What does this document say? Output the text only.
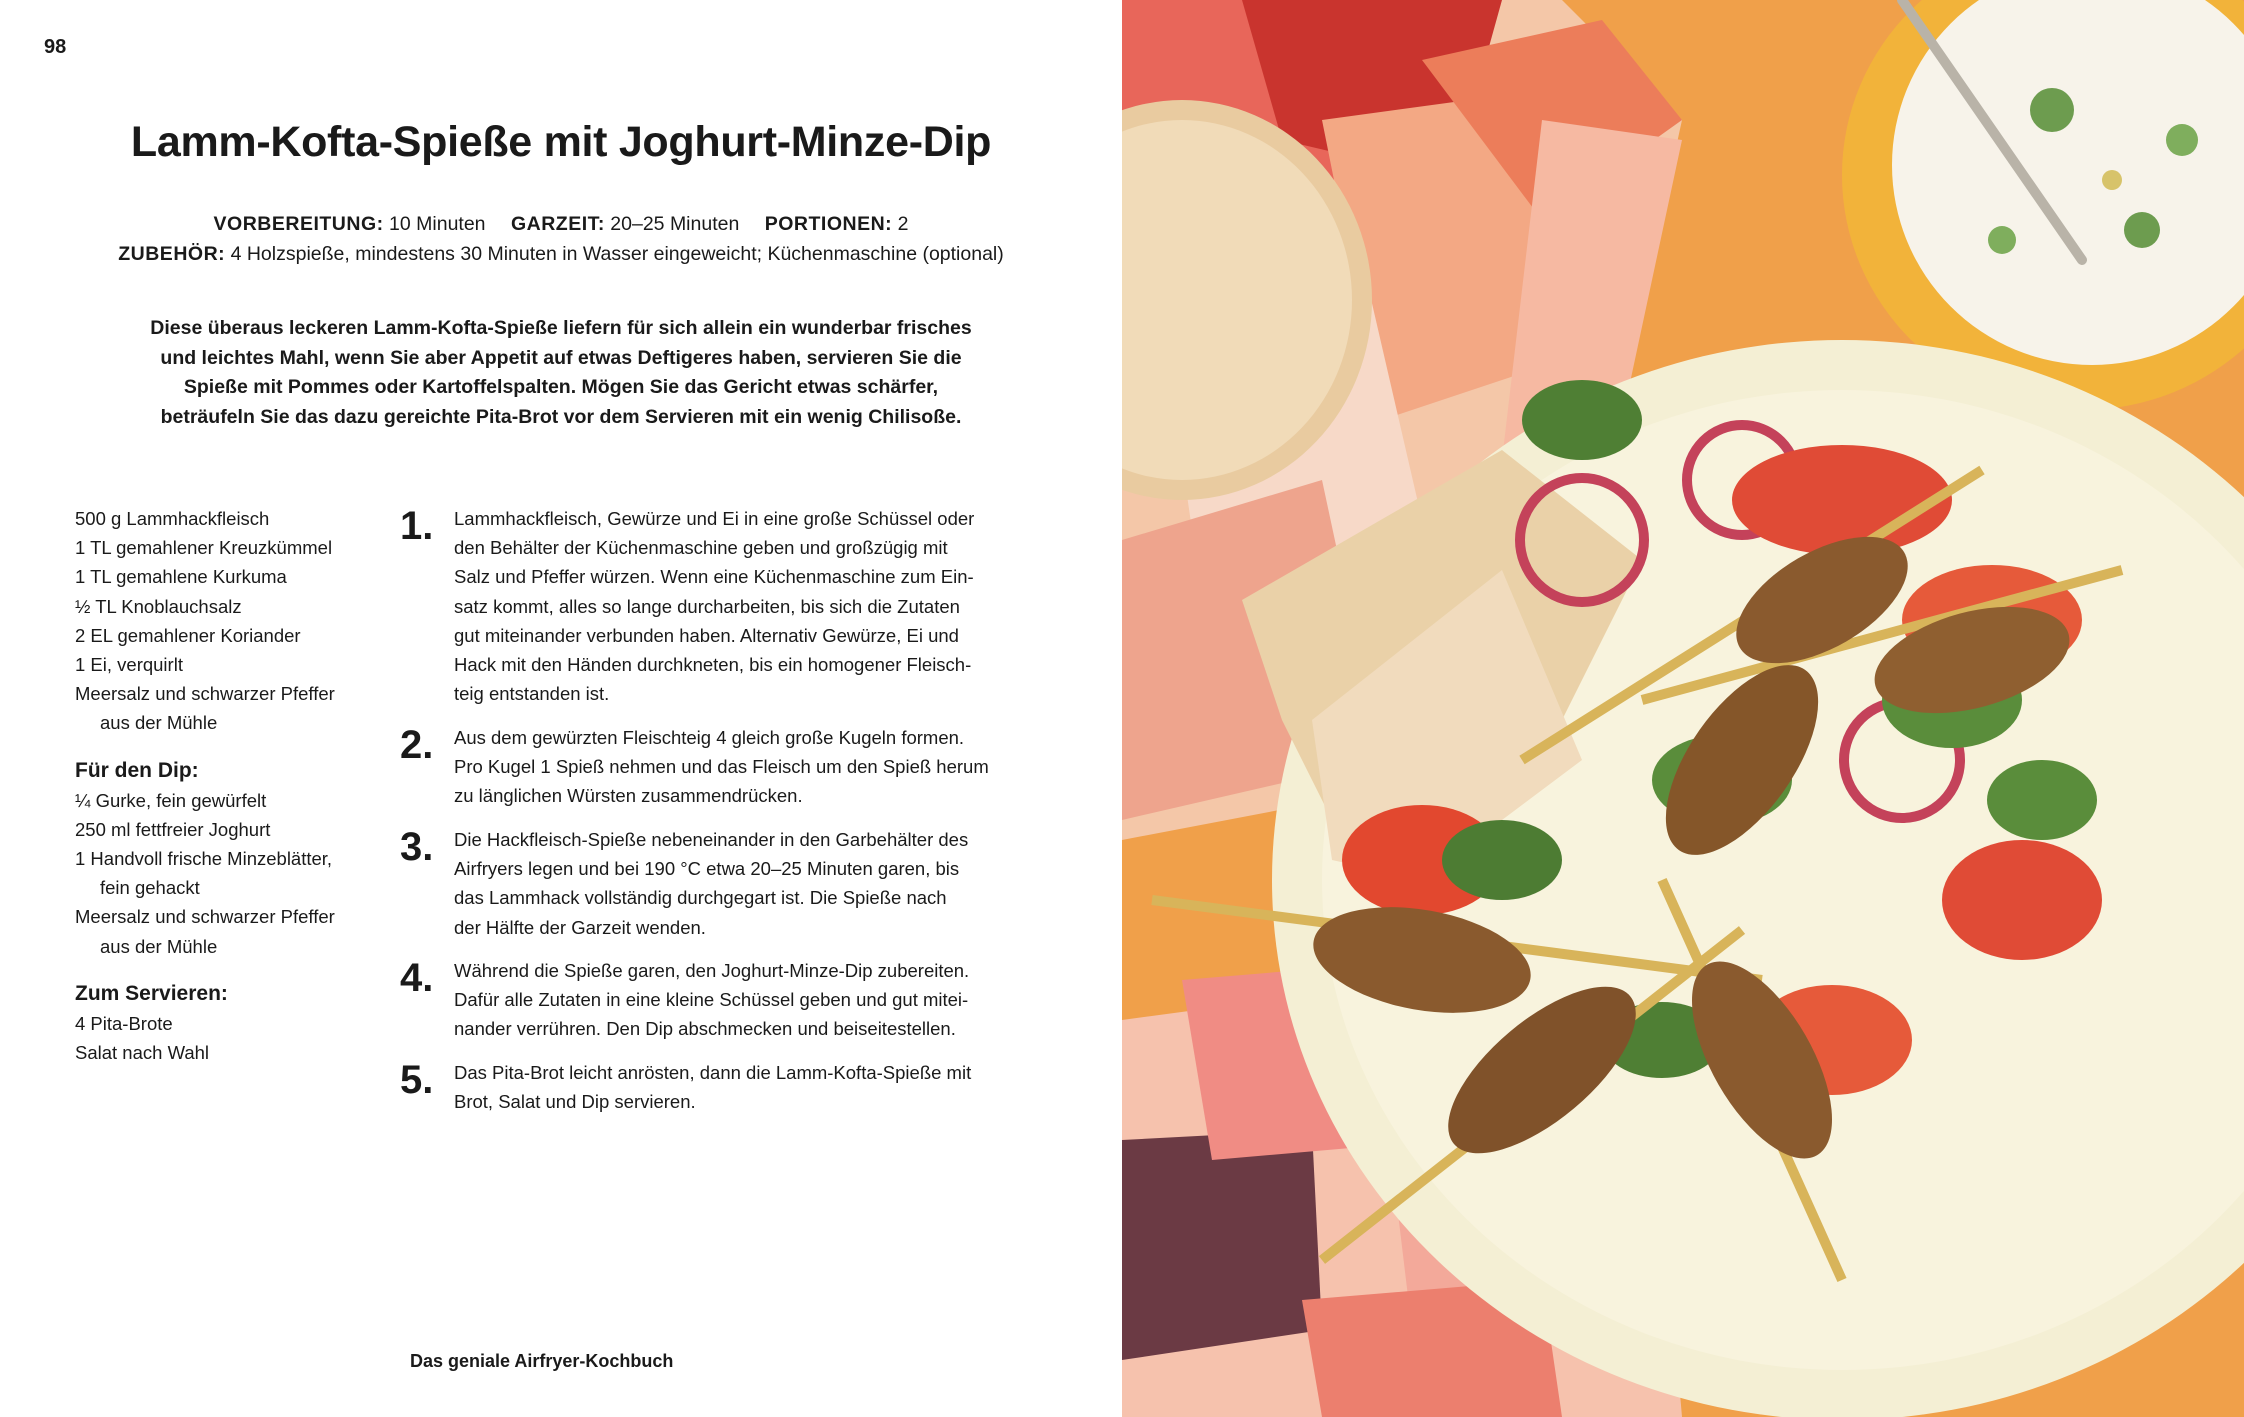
98
Lamm-Kofta-Spieße mit Joghurt-Minze-Dip
VORBEREITUNG: 10 Minuten GARZEIT: 20–25 Minuten PORTIONEN: 2
ZUBEHÖR: 4 Holzspieße, mindestens 30 Minuten in Wasser eingeweicht; Küchenmaschine (optional)
Diese überaus leckeren Lamm-Kofta-Spieße liefern für sich allein ein wunderbar frisches
und leichtes Mahl, wenn Sie aber Appetit auf etwas Deftigeres haben, servieren Sie die
Spieße mit Pommes oder Kartoffelspalten. Mögen Sie das Gericht etwas schärfer,
beträufeln Sie das dazu gereichte Pita-Brot vor dem Servieren mit ein wenig Chilisoße.
500 g Lammhackfleisch
1 TL gemahlener Kreuzkümmel
1 TL gemahlene Kurkuma
½ TL Knoblauchsalz
2 EL gemahlener Koriander
1 Ei, verquirlt
Meersalz und schwarzer Pfeffer
aus der Mühle
Für den Dip:
¼ Gurke, fein gewürfelt
250 ml fettfreier Joghurt
1 Handvoll frische Minzeblätter,
fein gehackt
Meersalz und schwarzer Pfeffer
aus der Mühle
Zum Servieren:
4 Pita-Brote
Salat nach Wahl
1. Lammhackfleisch, Gewürze und Ei in eine große Schüssel oder
den Behälter der Küchenmaschine geben und großzügig mit
Salz und Pfeffer würzen. Wenn eine Küchenmaschine zum Ein-
satz kommt, alles so lange durcharbeiten, bis sich die Zutaten
gut miteinander verbunden haben. Alternativ Gewürze, Ei und
Hack mit den Händen durchkneten, bis ein homogener Fleisch-
teig entstanden ist.
2. Aus dem gewürzten Fleischteig 4 gleich große Kugeln formen.
Pro Kugel 1 Spieß nehmen und das Fleisch um den Spieß herum
zu länglichen Würsten zusammendrücken.
3. Die Hackfleisch-Spieße nebeneinander in den Garbehälter des
Airfryers legen und bei 190 °C etwa 20–25 Minuten garen, bis
das Lammhack vollständig durchgegart ist. Die Spieße nach
der Hälfte der Garzeit wenden.
4. Während die Spieße garen, den Joghurt-Minze-Dip zubereiten.
Dafür alle Zutaten in eine kleine Schüssel geben und gut mitei-
nander verrühren. Den Dip abschmecken und beiseitestellen.
5. Das Pita-Brot leicht anrösten, dann die Lamm-Kofta-Spieße mit
Brot, Salat und Dip servieren.
Das geniale Airfryer-Kochbuch
